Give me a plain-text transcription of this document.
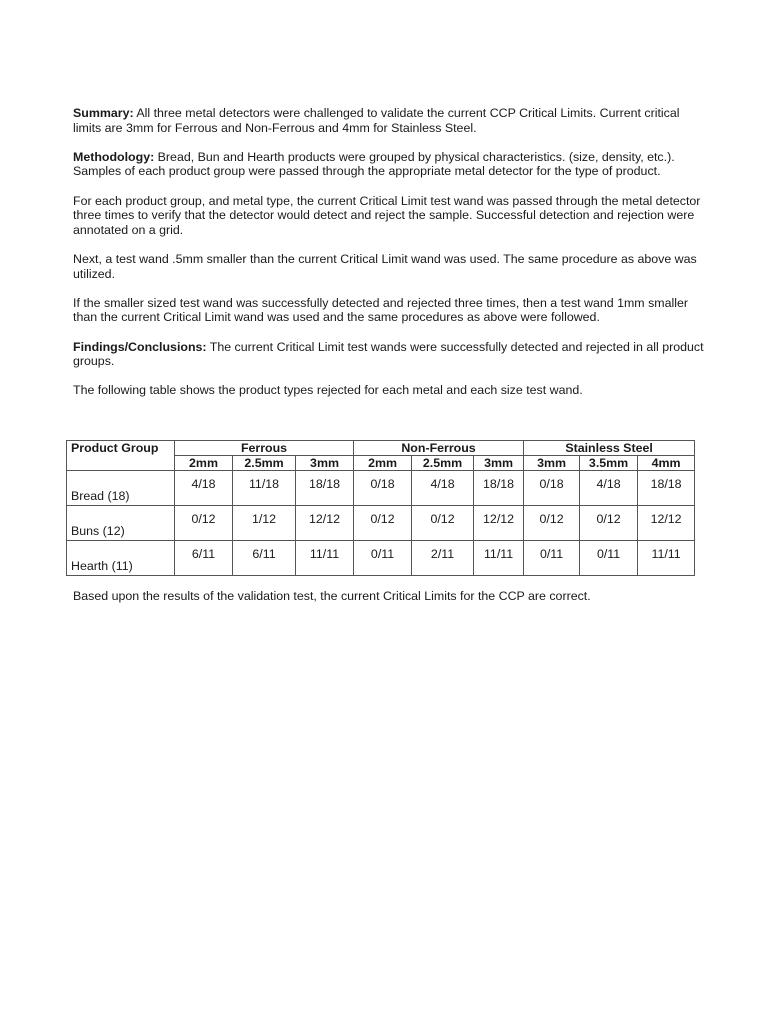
Summary: All three metal detectors were challenged to validate the current CCP Critical Limits. Current critical limits are 3mm for Ferrous and Non-Ferrous and 4mm for Stainless Steel.

Methodology: Bread, Bun and Hearth products were grouped by physical characteristics. (size, density, etc.). Samples of each product group were passed through the appropriate metal detector for the type of product.

For each product group, and metal type, the current Critical Limit test wand was passed through the metal detector three times to verify that the detector would detect and reject the sample. Successful detection and rejection were annotated on a grid.

Next, a test wand .5mm smaller than the current Critical Limit wand was used. The same procedure as above was utilized.

If the smaller sized test wand was successfully detected and rejected three times, then a test wand 1mm smaller than the current Critical Limit wand was used and the same procedures as above were followed.

Findings/Conclusions: The current Critical Limit test wands were successfully detected and rejected in all product groups.

The following table shows the product types rejected for each metal and each size test wand.

Product Group	Ferrous			Non-Ferrous			Stainless Steel		
	2mm	2.5mm	3mm	2mm	2.5mm	3mm	3mm	3.5mm	4mm
Bread (18)	4/18	11/18	18/18	0/18	4/18	18/18	0/18	4/18	18/18
Buns (12)	0/12	1/12	12/12	0/12	0/12	12/12	0/12	0/12	12/12
Hearth (11)	6/11	6/11	11/11	0/11	2/11	11/11	0/11	0/11	11/11

Based upon the results of the validation test, the current Critical Limits for the CCP are correct.
